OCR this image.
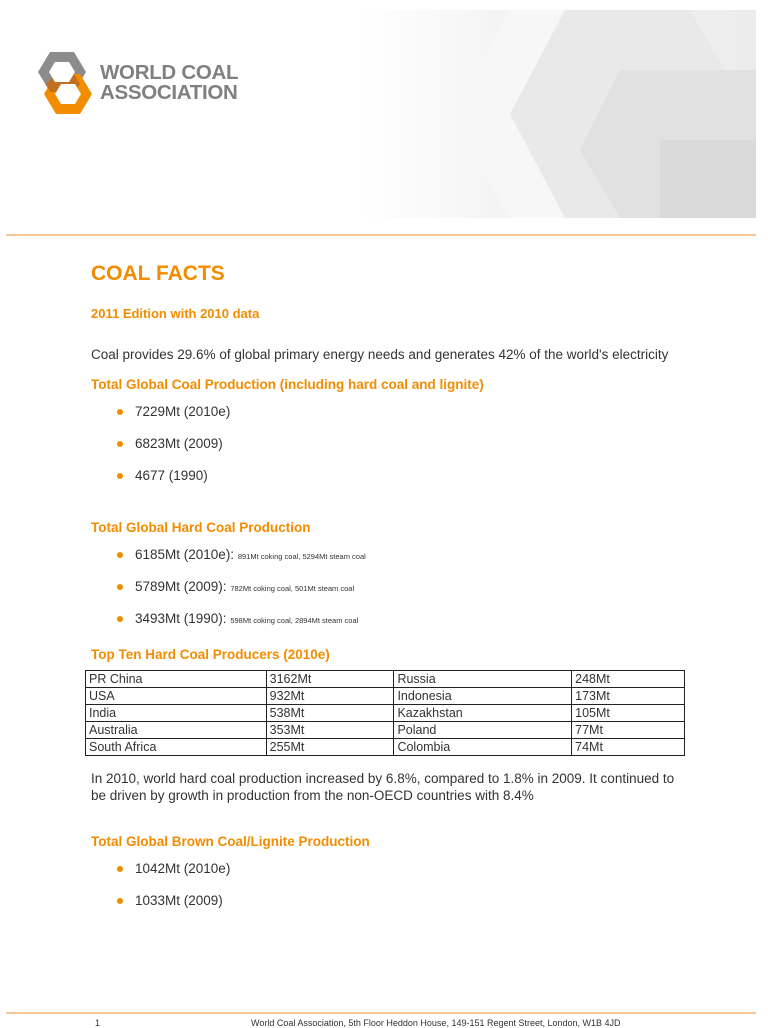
WORLD COAL
ASSOCIATION
COAL FACTS
2011 Edition with 2010 data
Coal provides 29.6% of global primary energy needs and generates 42% of the world's electricity
Total Global Coal Production (including hard coal and lignite)
7229Mt (2010e)
6823Mt (2009)
4677 (1990)
Total Global Hard Coal Production
6185Mt (2010e): 891Mt coking coal, 5294Mt steam coal
5789Mt (2009): 782Mt coking coal, 501Mt steam coal
3493Mt (1990): 598Mt coking coal, 2894Mt steam coal
Top Ten Hard Coal Producers (2010e)
PR China	3162Mt	Russia	248Mt
USA	932Mt	Indonesia	173Mt
India	538Mt	Kazakhstan	105Mt
Australia	353Mt	Poland	77Mt
South Africa	255Mt	Colombia	74Mt
In 2010, world hard coal production increased by 6.8%, compared to 1.8% in 2009. It continued to be driven by growth in production from the non-OECD countries with 8.4%
Total Global Brown Coal/Lignite Production
1042Mt (2010e)
1033Mt (2009)
1	World Coal Association, 5th Floor Heddon House, 149-151 Regent Street, London, W1B 4JD
